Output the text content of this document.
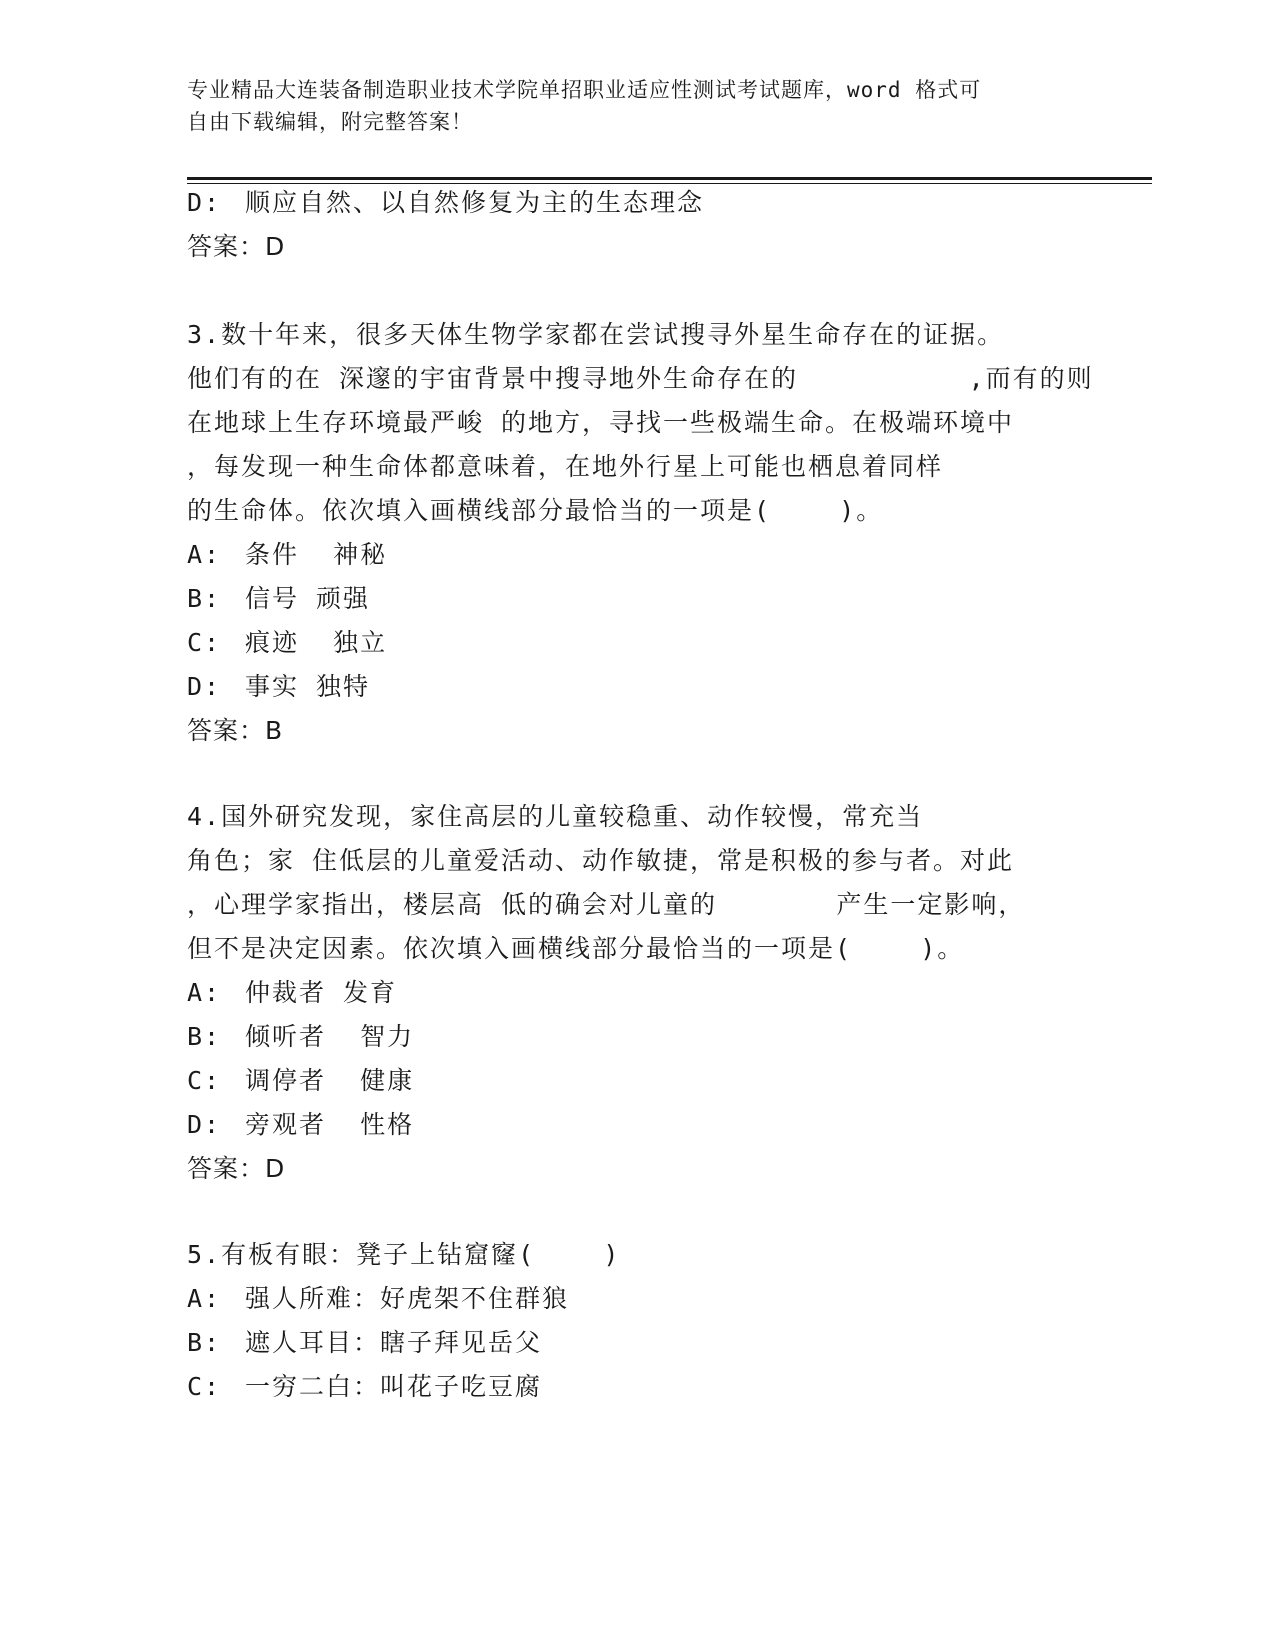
专业精品大连装备制造职业技术学院单招职业适应性测试考试题库，word 格式可
自由下载编辑，附完整答案！
D: 顺应自然、以自然修复为主的生态理念
答案：D
3.数十年来，很多天体生物学家都在尝试搜寻外星生命存在的证据。
他们有的在 深邃的宇宙背景中搜寻地外生命存在的          ,而有的则
在地球上生存环境最严峻 的地方，寻找一些极端生命。在极端环境中
，每发现一种生命体都意味着，在地外行星上可能也栖息着同样
的生命体。依次填入画横线部分最恰当的一项是(    )。
A: 条件  神秘
B: 信号 顽强
C: 痕迹  独立
D: 事实 独特
答案：B
4.国外研究发现，家住高层的儿童较稳重、动作较慢，常充当
角色；家 住低层的儿童爱活动、动作敏捷，常是积极的参与者。对此
，心理学家指出，楼层高 低的确会对儿童的       产生一定影响，
但不是决定因素。依次填入画横线部分最恰当的一项是(    )。
A: 仲裁者 发育
B: 倾听者  智力
C: 调停者  健康
D: 旁观者  性格
答案：D
5.有板有眼：凳子上钻窟窿(    )
A: 强人所难：好虎架不住群狼
B: 遮人耳目：瞎子拜见岳父
C: 一穷二白：叫花子吃豆腐
